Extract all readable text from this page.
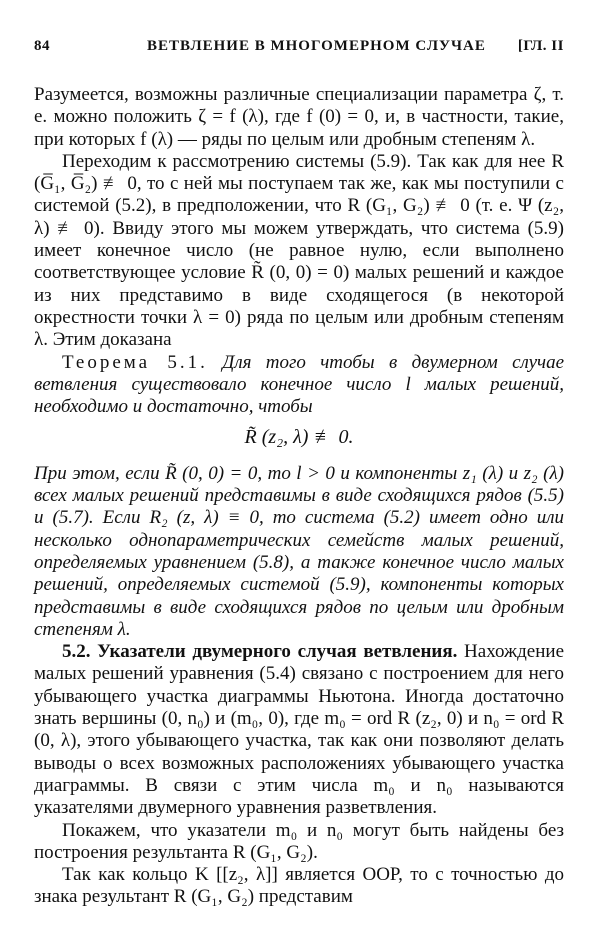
84	ВЕТВЛЕНИЕ В МНОГОМЕРНОМ СЛУЧАЕ [ГЛ. II

Разумеется, возможны различные специализации параметра ζ, т. е. можно положить ζ = f (λ), где f (0) = 0, и, в частности, такие, при которых f (λ) — ряды по целым или дробным степеням λ.

Переходим к рассмотрению системы (5.9). Так как для нее R (G̅₁, G̅₂) ≢ 0, то с ней мы поступаем так же, как мы поступили с системой (5.2), в предположении, что R (G₁, G₂) ≢ 0 (т. е. Ψ (z₂, λ) ≢ 0). Ввиду этого мы можем утверждать, что система (5.9) имеет конечное число (не равное нулю, если выполнено соответствующее условие R̃ (0, 0) = 0) малых решений и каждое из них представимо в виде сходящегося (в некоторой окрестности точки λ = 0) ряда по целым или дробным степеням λ. Этим доказана

Теорема 5.1. Для того чтобы в двумерном случае ветвления существовало конечное число l малых решений, необходимо и достаточно, чтобы

R̃ (z₂, λ) ≢ 0.

При этом, если R̃ (0, 0) = 0, то l > 0 и компоненты z₁ (λ) и z₂ (λ) всех малых решений представимы в виде сходящихся рядов (5.5) и (5.7). Если R₂ (z, λ) ≡ 0, то система (5.2) имеет одно или несколько однопараметрических семейств малых решений, определяемых уравнением (5.8), а также конечное число малых решений, определяемых системой (5.9), компоненты которых представимы в виде сходящихся рядов по целым или дробным степеням λ.

5.2. Указатели двумерного случая ветвления. Нахождение малых решений уравнения (5.4) связано с построением для него убывающего участка диаграммы Ньютона. Иногда достаточно знать вершины (0, n₀) и (m₀, 0), где m₀ = ord R (z₂, 0) и n₀ = ord R (0, λ), этого убывающего участка, так как они позволяют делать выводы о всех возможных расположениях убывающего участка диаграммы. В связи с этим числа m₀ и n₀ называются указателями двумерного уравнения разветвления.

Покажем, что указатели m₀ и n₀ могут быть найдены без построения результанта R (G₁, G₂).

Так как кольцо K [[z₂, λ]] является ООР, то с точностью до знака результант R (G₁, G₂) представим
